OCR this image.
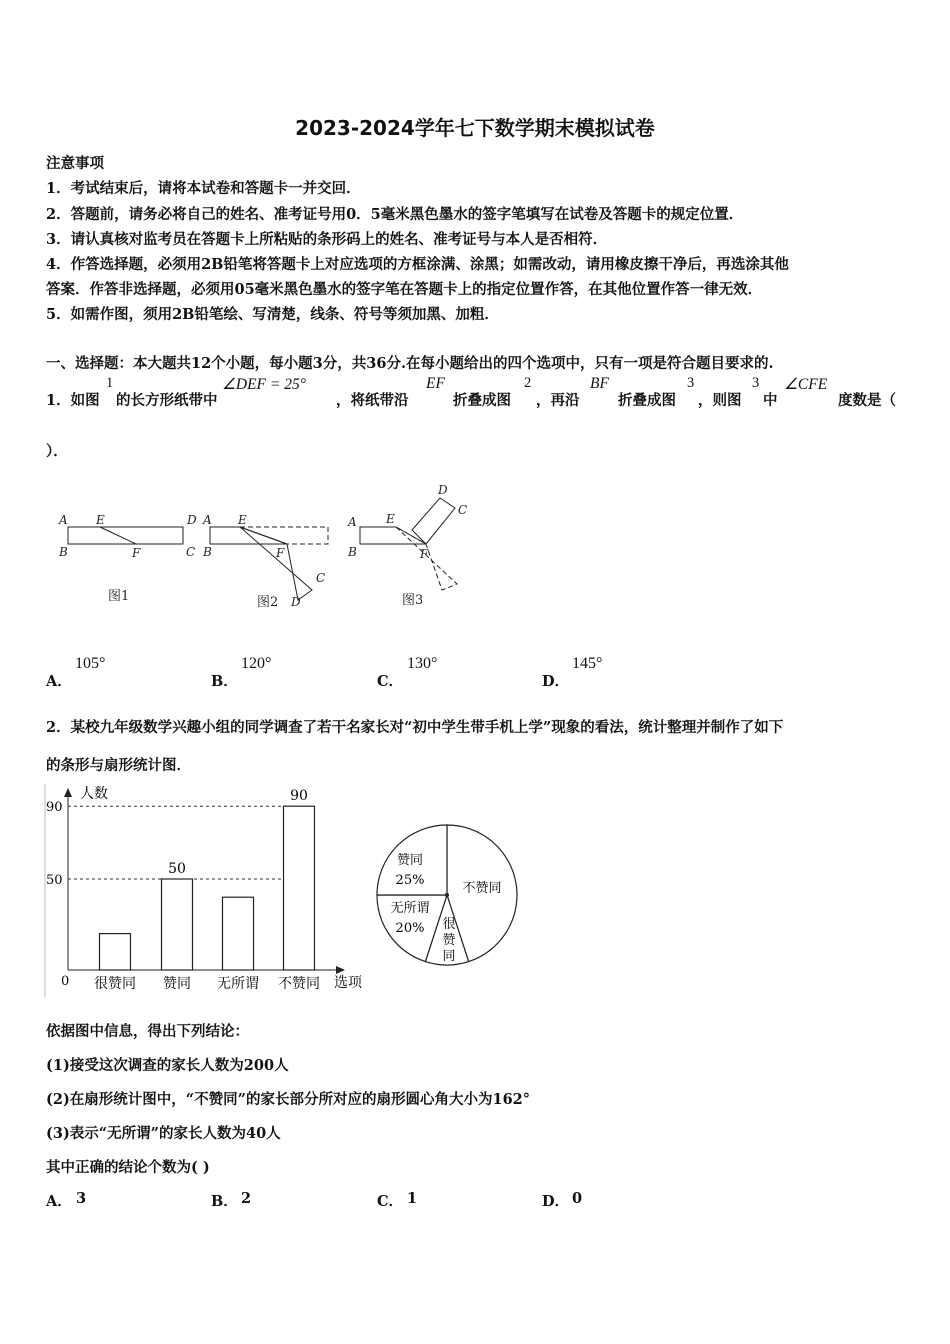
2023-2024学年七下数学期末模拟试卷
注意事项
1．考试结束后，请将本试卷和答题卡一并交回．
2．答题前，请务必将自己的姓名、准考证号用0．5毫米黑色墨水的签字笔填写在试卷及答题卡的规定位置．
3．请认真核对监考员在答题卡上所粘贴的条形码上的姓名、准考证号与本人是否相符．
4．作答选择题，必须用2B铅笔将答题卡上对应选项的方框涂满、涂黑；如需改动，请用橡皮擦干净后，再选涂其他
答案．作答非选择题，必须用05毫米黑色墨水的签字笔在答题卡上的指定位置作答，在其他位置作答一律无效．
5．如需作图，须用2B铅笔绘、写清楚，线条、符号等须加黑、加粗．
一、选择题：本大题共12个小题，每小题3分，共36分.在每小题给出的四个选项中，只有一项是符合题目要求的.
1．如图
1
的长方形纸带中
∠DEF = 25°
，将纸带沿
EF
折叠成图
2
，再沿
BF
折叠成图
3
，则图
3
中
∠CFE
度数是（
）．
A
B	C
D
E
F
A
B
C
D
E
F
A
B
C
D
E
F
图1	图2	图3
A．
105°
B．
120°
C．
130°
D．
145°
2．某校九年级数学兴趣小组的同学调查了若干名家长对“初中学生带手机上学”现象的看法，统计整理并制作了如下
的条形与扇形统计图．
人数
选项
0
50
90
很赞同 赞同
50
无所谓 不赞同
90
赞同
25%
不赞同
很
赞
同
无所谓
20%
依据图中信息，得出下列结论：
(1)接受这次调查的家长人数为200人
(2)在扇形统计图中，“不赞同”的家长部分所对应的扇形圆心角大小为162°
(3)表示“无所谓”的家长人数为40人
其中正确的结论个数为( )
A． 3	B． 2	C． 1	D． 0
